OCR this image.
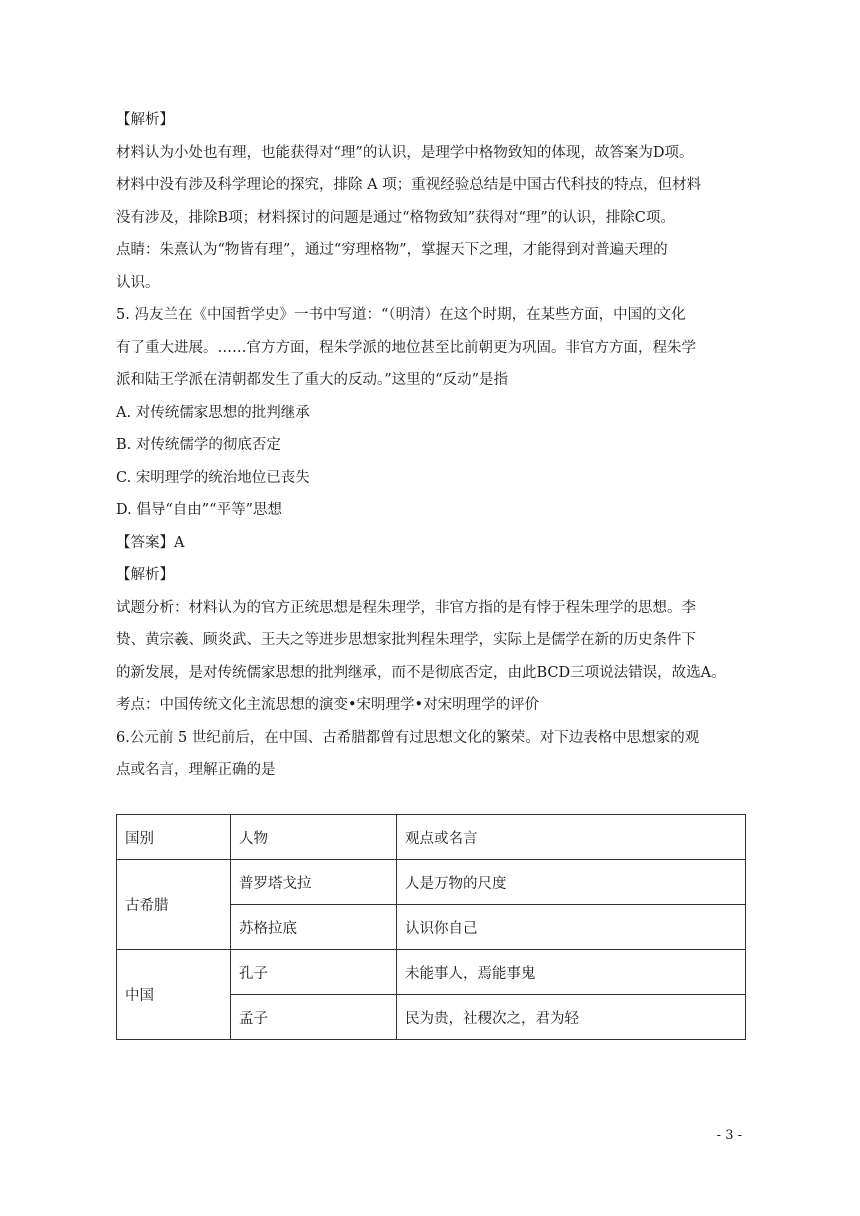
【解析】
材料认为小处也有理，也能获得对“理”的认识，是理学中格物致知的体现，故答案为D项。
材料中没有涉及科学理论的探究，排除 A 项；重视经验总结是中国古代科技的特点，但材料
没有涉及，排除B项；材料探讨的问题是通过“格物致知”获得对“理”的认识，排除C项。
点睛：朱熹认为“物皆有理”，通过“穷理格物”，掌握天下之理，才能得到对普遍天理的
认识。
5. 冯友兰在《中国哲学史》一书中写道：“（明清）在这个时期，在某些方面，中国的文化
有了重大进展。……官方方面，程朱学派的地位甚至比前朝更为巩固。非官方方面，程朱学
派和陆王学派在清朝都发生了重大的反动。”这里的“反动”是指
A. 对传统儒家思想的批判继承
B. 对传统儒学的彻底否定
C. 宋明理学的统治地位已丧失
D. 倡导“自由”“平等”思想
【答案】A
【解析】
试题分析：材料认为的官方正统思想是程朱理学，非官方指的是有悖于程朱理学的思想。李
贽、黄宗羲、顾炎武、王夫之等进步思想家批判程朱理学，实际上是儒学在新的历史条件下
的新发展，是对传统儒家思想的批判继承，而不是彻底否定，由此BCD三项说法错误，故选A。
考点：中国传统文化主流思想的演变•宋明理学•对宋明理学的评价
6.公元前 5 世纪前后，在中国、古希腊都曾有过思想文化的繁荣。对下边表格中思想家的观
点或名言，理解正确的是
国别	人物	观点或名言
古希腊	普罗塔戈拉	人是万物的尺度
	苏格拉底	认识你自己
中国	孔子	未能事人，焉能事鬼
	孟子	民为贵，社稷次之，君为轻
- 3 -
